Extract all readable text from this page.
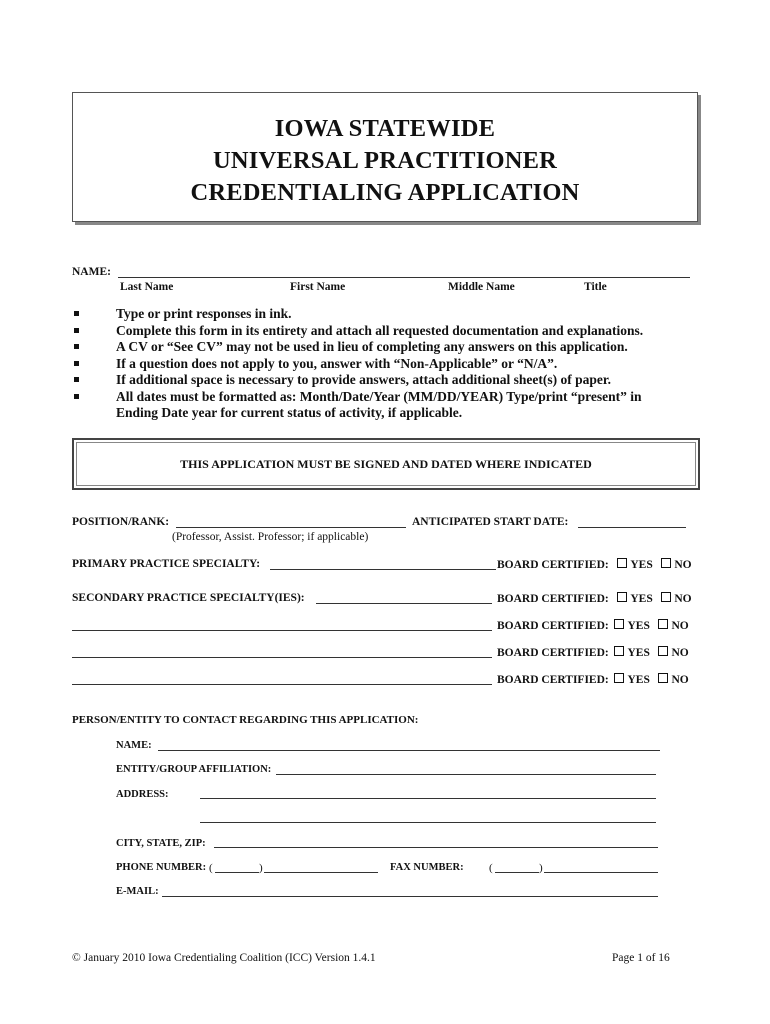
IOWA STATEWIDE
UNIVERSAL PRACTITIONER
CREDENTIALING APPLICATION
NAME:
Last Name	First Name	Middle Name	Title
Type or print responses in ink.
Complete this form in its entirety and attach all requested documentation and explanations.
A CV or “See CV” may not be used in lieu of completing any answers on this application.
If a question does not apply to you, answer with “Non-Applicable” or “N/A”.
If additional space is necessary to provide answers, attach additional sheet(s) of paper.
All dates must be formatted as: Month/Date/Year (MM/DD/YEAR) Type/print “present” in Ending Date year for current status of activity, if applicable.
THIS APPLICATION MUST BE SIGNED AND DATED WHERE INDICATED
POSITION/RANK:	ANTICIPATED START DATE:
(Professor, Assist. Professor; if applicable)
PRIMARY PRACTICE SPECIALTY:	BOARD CERTIFIED: YES NO
SECONDARY PRACTICE SPECIALTY(IES):	BOARD CERTIFIED: YES NO
BOARD CERTIFIED: YES NO
BOARD CERTIFIED: YES NO
BOARD CERTIFIED: YES NO
PERSON/ENTITY TO CONTACT REGARDING THIS APPLICATION:
NAME:
ENTITY/GROUP AFFILIATION:
ADDRESS:
CITY, STATE, ZIP:
PHONE NUMBER: (	)	FAX NUMBER: (	)
E-MAIL:
© January 2010 Iowa Credentialing Coalition (ICC) Version 1.4.1	Page 1 of 16
